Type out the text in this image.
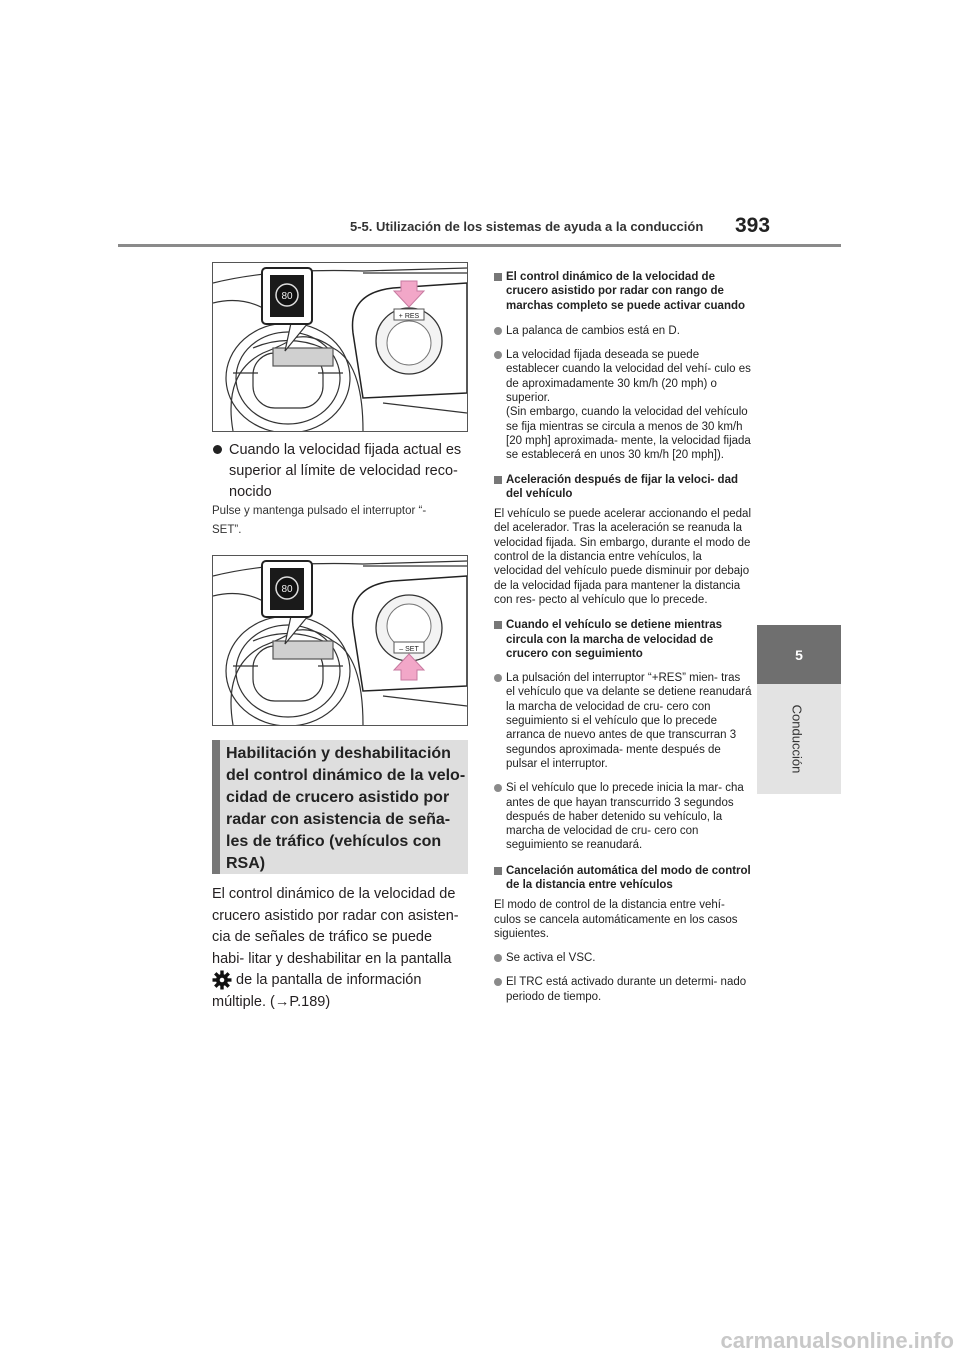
5-5. Utilización de los sistemas de ayuda a la conducción 393
5
Conducción
80
+ RES
Cuando la velocidad fijada actual es superior al límite de velocidad reco- nocido
Pulse y mantenga pulsado el interruptor “- SET”.
80
– SET
Habilitación y deshabilitación del control dinámico de la velo- cidad de crucero asistido por radar con asistencia de seña- les de tráfico (vehículos con RSA)
El control dinámico de la velocidad de crucero asistido por radar con asisten- cia de señales de tráfico se puede habi- litar y deshabilitar en la pantalla  de la pantalla de información múltiple. (→P.189)
El control dinámico de la velocidad de crucero asistido por radar con rango de marchas completo se puede activar cuando
La palanca de cambios está en D.
La velocidad fijada deseada se puede establecer cuando la velocidad del vehí- culo es de aproximadamente 30 km/h (20 mph) o superior.
(Sin embargo, cuando la velocidad del vehículo se fija mientras se circula a menos de 30 km/h [20 mph] aproximada- mente, la velocidad fijada se establecerá en unos 30 km/h [20 mph]).
Aceleración después de fijar la veloci- dad del vehículo
El vehículo se puede acelerar accionando el pedal del acelerador. Tras la aceleración se reanuda la velocidad fijada. Sin embargo, durante el modo de control de la distancia entre vehículos, la velocidad del vehículo puede disminuir por debajo de la velocidad fijada para mantener la distancia con res- pecto al vehículo que lo precede.
Cuando el vehículo se detiene mientras circula con la marcha de velocidad de crucero con seguimiento
La pulsación del interruptor “+RES” mien- tras el vehículo que va delante se detiene reanudará la marcha de velocidad de cru- cero con seguimiento si el vehículo que lo precede arranca de nuevo antes de que transcurran 3 segundos aproximada- mente después de pulsar el interruptor.
Si el vehículo que lo precede inicia la mar- cha antes de que hayan transcurrido 3 segundos después de haber detenido su vehículo, la marcha de velocidad de cru- cero con seguimiento se reanudará.
Cancelación automática del modo de control de la distancia entre vehículos
El modo de control de la distancia entre vehí- culos se cancela automáticamente en los casos siguientes.
Se activa el VSC.
El TRC está activado durante un determi- nado periodo de tiempo.
carmanualsonline.info
